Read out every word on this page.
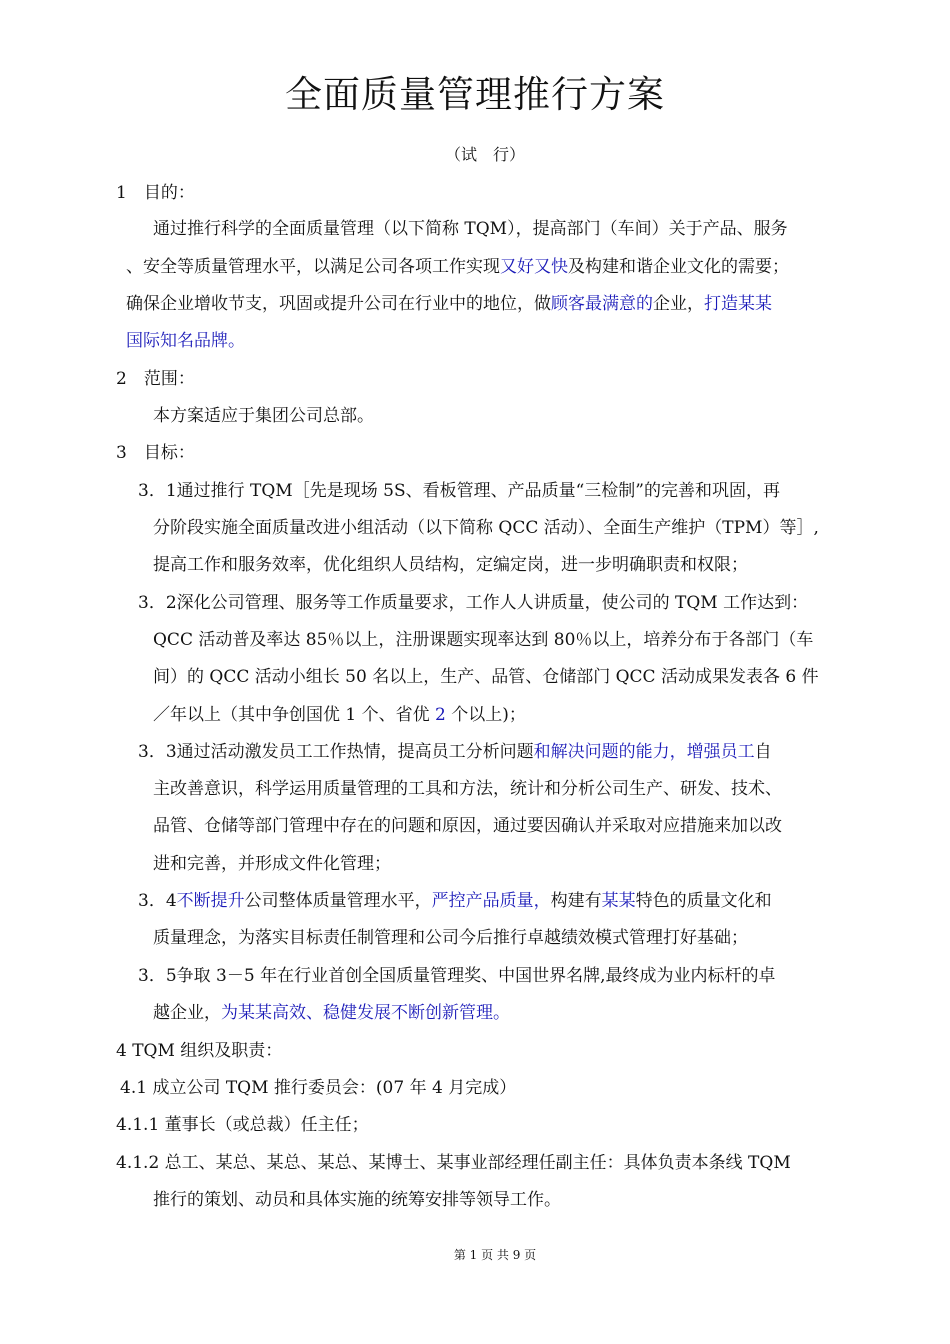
全面质量管理推行方案
（试　行）
1　目的：
通过推行科学的全面质量管理（以下简称 TQM），提高部门（车间）关于产品、服务
、安全等质量管理水平，以满足公司各项工作实现又好又快及构建和谐企业文化的需要；
确保企业增收节支，巩固或提升公司在行业中的地位，做顾客最满意的企业，打造某某
国际知名品牌。
2　范围：
本方案适应于集团公司总部。
3　目标：
3．1通过推行 TQM［先是现场 5S、看板管理、产品质量“三检制”的完善和巩固，再
分阶段实施全面质量改进小组活动（以下简称 QCC 活动）、全面生产维护（TPM）等］,
提高工作和服务效率，优化组织人员结构，定编定岗，进一步明确职责和权限；
3．2深化公司管理、服务等工作质量要求，工作人人讲质量，使公司的 TQM 工作达到：
QCC 活动普及率达 85％以上，注册课题实现率达到 80％以上，培养分布于各部门（车
间）的 QCC 活动小组长 50 名以上，生产、品管、仓储部门 QCC 活动成果发表各 6 件
／年以上（其中争创国优 1 个、省优 2 个以上)；
3．3通过活动激发员工工作热情，提高员工分析问题和解决问题的能力，增强员工自
主改善意识，科学运用质量管理的工具和方法，统计和分析公司生产、研发、技术、
品管、仓储等部门管理中存在的问题和原因，通过要因确认并采取对应措施来加以改
进和完善，并形成文件化管理；
3．4不断提升公司整体质量管理水平，严控产品质量，构建有某某特色的质量文化和
质量理念，为落实目标责任制管理和公司今后推行卓越绩效模式管理打好基础；
3．5争取 3－5 年在行业首创全国质量管理奖、中国世界名牌,最终成为业内标杆的卓
越企业，为某某高效、稳健发展不断创新管理。
4 TQM 组织及职责：
4.1 成立公司 TQM 推行委员会：(07 年 4 月完成）
4.1.1 董事长（或总裁）任主任；
4.1.2 总工、某总、某总、某总、某博士、某事业部经理任副主任：具体负责本条线 TQM
推行的策划、动员和具体实施的统筹安排等领导工作。
第 1 页 共 9 页
